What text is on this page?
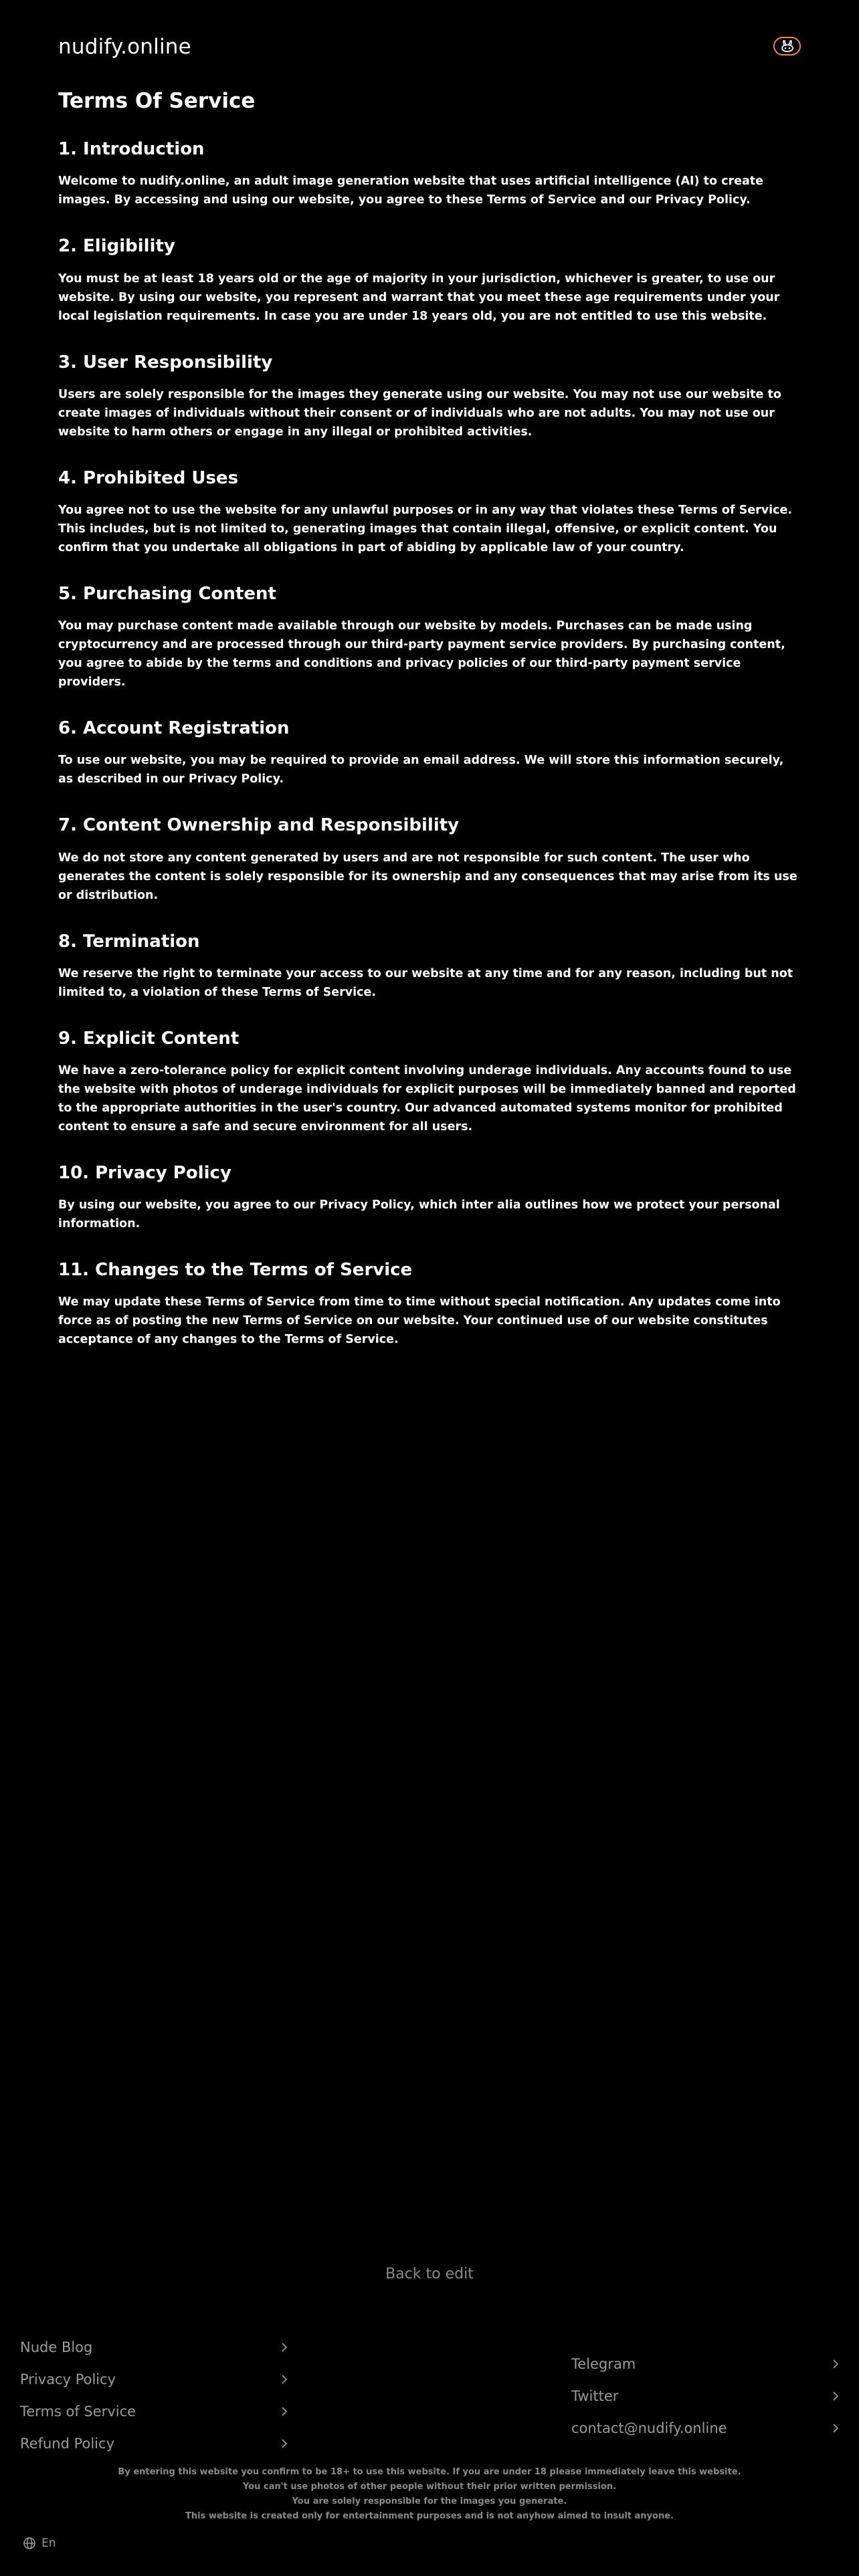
nudify.online
Terms Of Service
1. Introduction

Welcome to nudify.online, an adult image generation website that uses artificial intelligence (AI) to create images. By accessing and using our website, you agree to these Terms of Service and our Privacy Policy.

2. Eligibility

You must be at least 18 years old or the age of majority in your jurisdiction, whichever is greater, to use our website. By using our website, you represent and warrant that you meet these age requirements under your local legislation requirements. In case you are under 18 years old, you are not entitled to use this website.

3. User Responsibility

Users are solely responsible for the images they generate using our website. You may not use our website to create images of individuals without their consent or of individuals who are not adults. You may not use our website to harm others or engage in any illegal or prohibited activities.

4. Prohibited Uses

You agree not to use the website for any unlawful purposes or in any way that violates these Terms of Service. This includes, but is not limited to, generating images that contain illegal, offensive, or explicit content. You confirm that you undertake all obligations in part of abiding by applicable law of your country.

5. Purchasing Content

You may purchase content made available through our website by models. Purchases can be made using cryptocurrency and are processed through our third-party payment service providers. By purchasing content, you agree to abide by the terms and conditions and privacy policies of our third-party payment service providers.

6. Account Registration

To use our website, you may be required to provide an email address. We will store this information securely, as described in our Privacy Policy.

7. Content Ownership and Responsibility

We do not store any content generated by users and are not responsible for such content. The user who generates the content is solely responsible for its ownership and any consequences that may arise from its use or distribution.

8. Termination

We reserve the right to terminate your access to our website at any time and for any reason, including but not limited to, a violation of these Terms of Service.

9. Explicit Content

We have a zero-tolerance policy for explicit content involving underage individuals. Any accounts found to use the website with photos of underage individuals for explicit purposes will be immediately banned and reported to the appropriate authorities in the user's country. Our advanced automated systems monitor for prohibited content to ensure a safe and secure environment for all users.

10. Privacy Policy

By using our website, you agree to our Privacy Policy, which inter alia outlines how we protect your personal information.

11. Changes to the Terms of Service

We may update these Terms of Service from time to time without special notification. Any updates come into force as of posting the new Terms of Service on our website. Your continued use of our website constitutes acceptance of any changes to the Terms of Service.

Back to edit
Nude Blog
Privacy Policy
Terms of Service
Refund Policy
Telegram
Twitter
contact@nudify.online
By entering this website you confirm to be 18+ to use this website. If you are under 18 please immediately leave this website.
You can't use photos of other people without their prior written permission.
You are solely responsible for the images you generate.
This website is created only for entertainment purposes and is not anyhow aimed to insult anyone.
En
